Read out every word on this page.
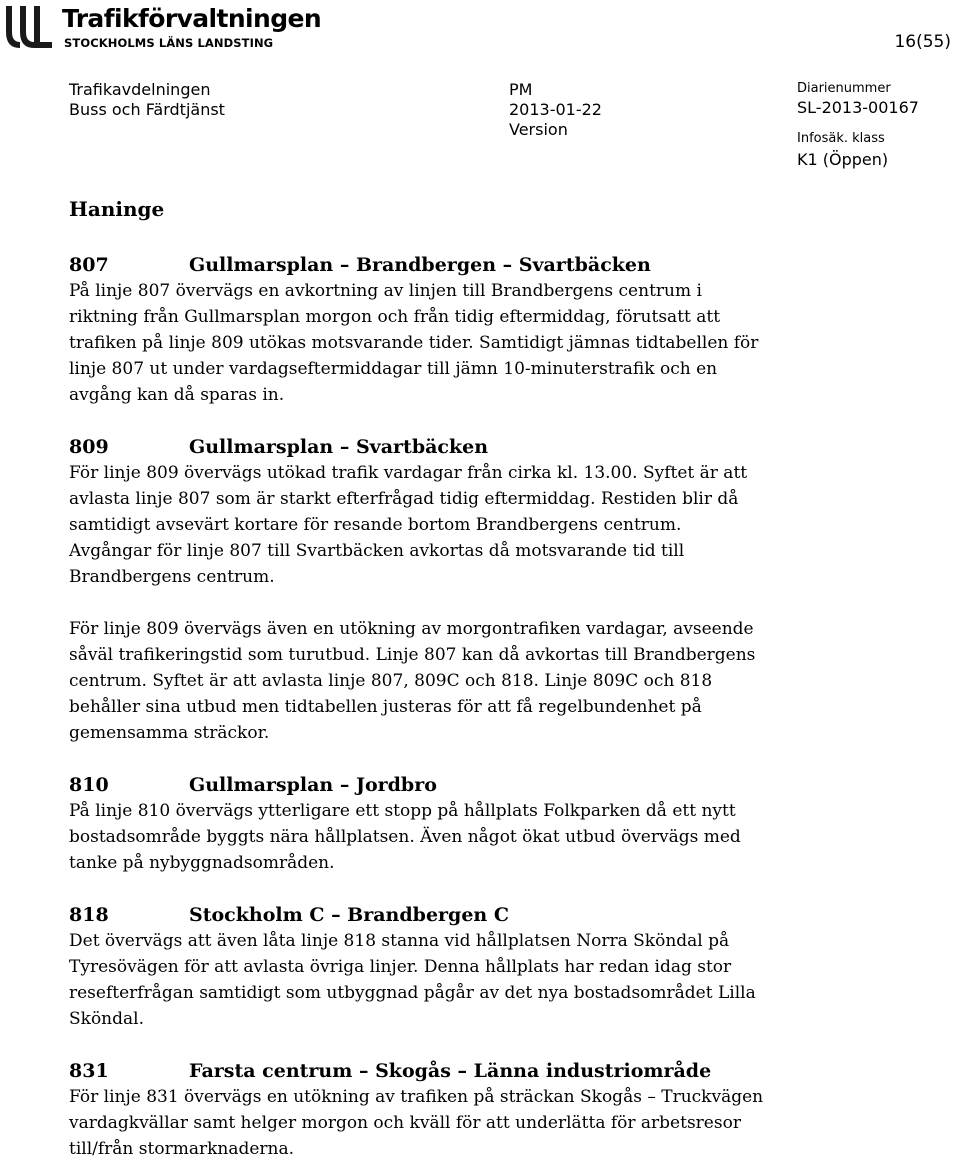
Trafikförvaltningen
STOCKHOLMS LÄNS LANDSTING	16(55)
Trafikavdelningen
Buss och Färdtjänst
PM
2013-01-22
Version
Diarienummer
SL-2013-00167
Infosäk. klass
K1 (Öppen)
Haninge
807	Gullmarsplan – Brandbergen – Svartbäcken
På linje 807 övervägs en avkortning av linjen till Brandbergens centrum i
riktning från Gullmarsplan morgon och från tidig eftermiddag, förutsatt att
trafiken på linje 809 utökas motsvarande tider. Samtidigt jämnas tidtabellen för
linje 807 ut under vardagseftermiddagar till jämn 10-minuterstrafik och en
avgång kan då sparas in.
809	Gullmarsplan – Svartbäcken
För linje 809 övervägs utökad trafik vardagar från cirka kl. 13.00. Syftet är att
avlasta linje 807 som är starkt efterfrågad tidig eftermiddag. Restiden blir då
samtidigt avsevärt kortare för resande bortom Brandbergens centrum.
Avgångar för linje 807 till Svartbäcken avkortas då motsvarande tid till
Brandbergens centrum.
För linje 809 övervägs även en utökning av morgontrafiken vardagar, avseende
såväl trafikeringstid som turutbud. Linje 807 kan då avkortas till Brandbergens
centrum. Syftet är att avlasta linje 807, 809C och 818. Linje 809C och 818
behåller sina utbud men tidtabellen justeras för att få regelbundenhet på
gemensamma sträckor.
810	Gullmarsplan – Jordbro
På linje 810 övervägs ytterligare ett stopp på hållplats Folkparken då ett nytt
bostadsområde byggts nära hållplatsen. Även något ökat utbud övervägs med
tanke på nybyggnadsområden.
818	Stockholm C – Brandbergen C
Det övervägs att även låta linje 818 stanna vid hållplatsen Norra Sköndal på
Tyresövägen för att avlasta övriga linjer. Denna hållplats har redan idag stor
resefterfrågan samtidigt som utbyggnad pågår av det nya bostadsområdet Lilla
Sköndal.
831	Farsta centrum – Skogås – Länna industriområde
För linje 831 övervägs en utökning av trafiken på sträckan Skogås – Truckvägen
vardagkvällar samt helger morgon och kväll för att underlätta för arbetsresor
till/från stormarknaderna.
